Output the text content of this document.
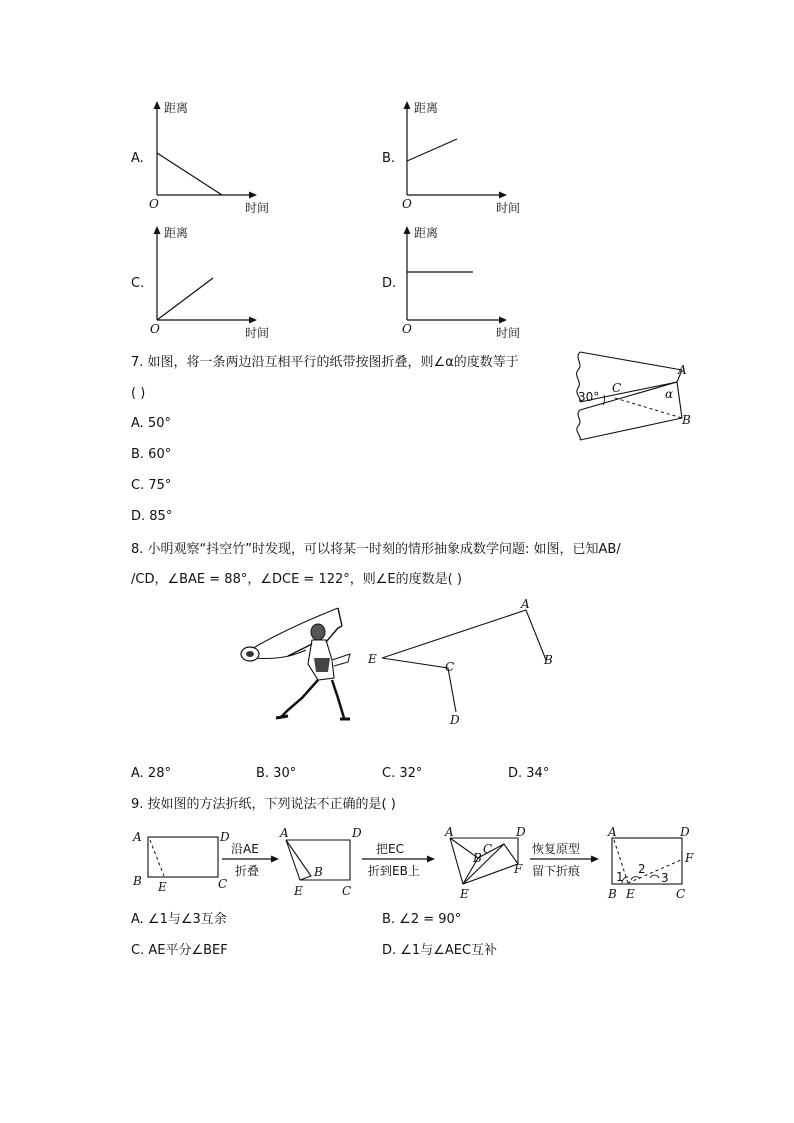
A.
距离
时间
O
B.
距离
时间
O
C.
距离
时间
O
D.
距离
时间
O
7. 如图，将一条两边沿互相平行的纸带按图折叠，则∠α的度数等于
( )
A. 50°
B. 60°
C. 75°
D. 85°
30°
C
A
B
α
8. 小明观察“抖空竹”时发现，可以将某一时刻的情形抽象成数学问题: 如图，已知AB/
/CD，∠BAE = 88°，∠DCE = 122°，则∠E的度数是( )
A
B
C
D
E
A. 28°	B. 30°	C. 32°	D. 34°
9. 按如图的方法折纸，下列说法不正确的是( )
A	D
B E	C
沿AE
折叠
A	D
B
E	C
把EC
折到EB上
A	D
B
C
F
E
恢复原型
留下折痕
A	D
F
B E	C
1
2
3
A. ∠1与∠3互余	B. ∠2 = 90°
C. AE平分∠BEF	D. ∠1与∠AEC互补
